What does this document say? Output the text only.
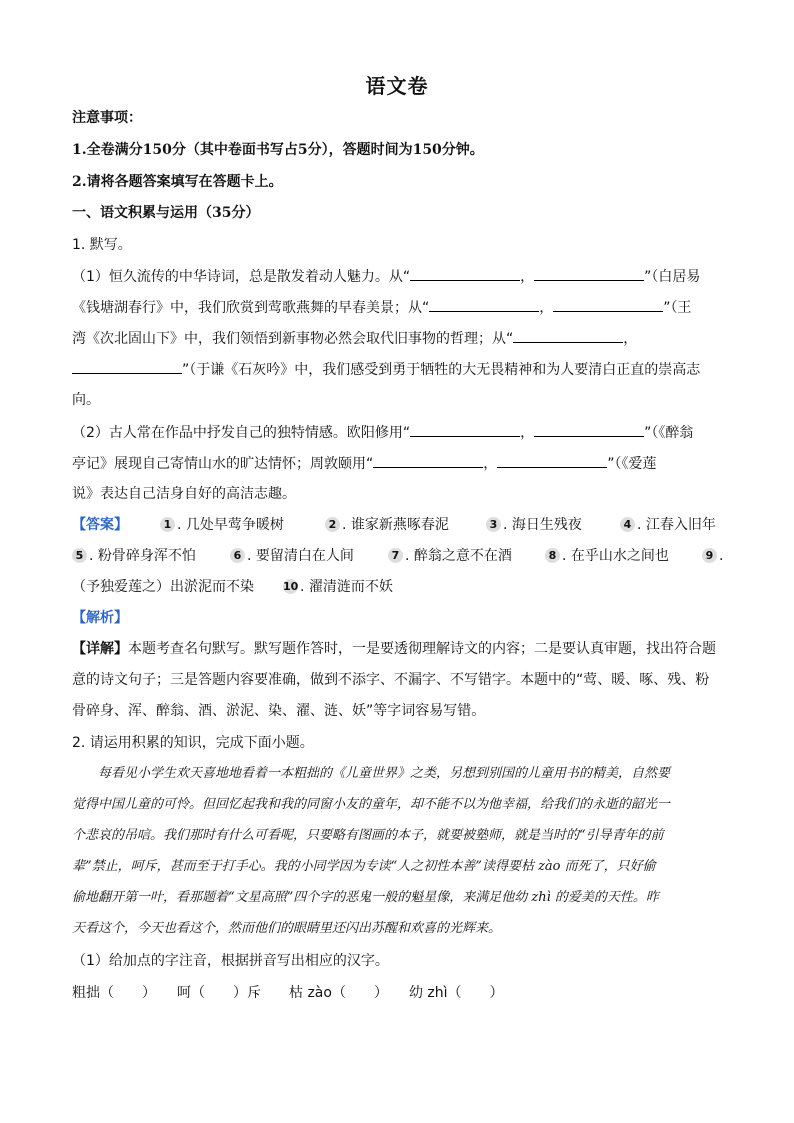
语文卷
注意事项：
1.全卷满分150分（其中卷面书写占5分），答题时间为150分钟。
2.请将各题答案填写在答题卡上。
一、语文积累与运用（35分）
1. 默写。
（1）恒久流传的中华诗词，总是散发着动人魅力。从“	，	”（白居易
《钱塘湖春行》中，我们欣赏到莺歌燕舞的早春美景；从“	，	”（王
湾《次北固山下》中，我们领悟到新事物必然会取代旧事物的哲理；从“	，
”（于谦《石灰吟》中，我们感受到勇于牺牲的大无畏精神和为人要清白正直的崇高志
向。
（2）古人常在作品中抒发自己的独特情感。欧阳修用“	，	”（《醉翁
亭记》展现自己寄情山水的旷达情怀；周敦颐用“	，	”（《爱莲
说》表达自己洁身自好的高洁志趣。
【答案】	1 . 几处早莺争暖树	2 . 谁家新燕啄春泥	3 . 海日生残夜	4 . 江春入旧年
5 . 粉骨碎身浑不怕	6 . 要留清白在人间	7 . 醉翁之意不在酒	8 . 在乎山水之间也	9 .
（予独爱莲之）出淤泥而不染	10 . 濯清涟而不妖
【解析】
【详解】本题考查名句默写。默写题作答时，一是要透彻理解诗文的内容；二是要认真审题，找出符合题
意的诗文句子；三是答题内容要准确，做到不添字、不漏字、不写错字。本题中的“莺、暖、啄、残、粉
骨碎身、浑、醉翁、酒、淤泥、染、濯、涟、妖”等字词容易写错。
2. 请运用积累的知识，完成下面小题。
　　每看见小学生欢天喜地地看着一本粗拙的《儿童世界》之类，另想到别国的儿童用书的精美，自然要
觉得中国儿童的可怜。但回忆起我和我的同窗小友的童年，却不能不以为他幸福，给我们的永逝的韶光一
个悲哀的吊唁。我们那时有什么可看呢，只要略有图画的本子，就要被塾师，就是当时的“引导青年的前
辈”禁止，呵斥，甚而至于打手心。我的小同学因为专读“人之初性本善”读得要枯 zào 而死了，只好偷
偷地翻开第一叶，看那题着“文星高照”四个字的恶鬼一般的魁星像，来满足他幼 zhì 的爱美的天性。昨
天看这个，今天也看这个，然而他们的眼睛里还闪出苏醒和欢喜的光辉来。
（1）给加点的字注音，根据拼音写出相应的汉字。
粗拙（　　）　　呵（　　）斥　　枯 zào（　　）　　幼 zhì（　　）
